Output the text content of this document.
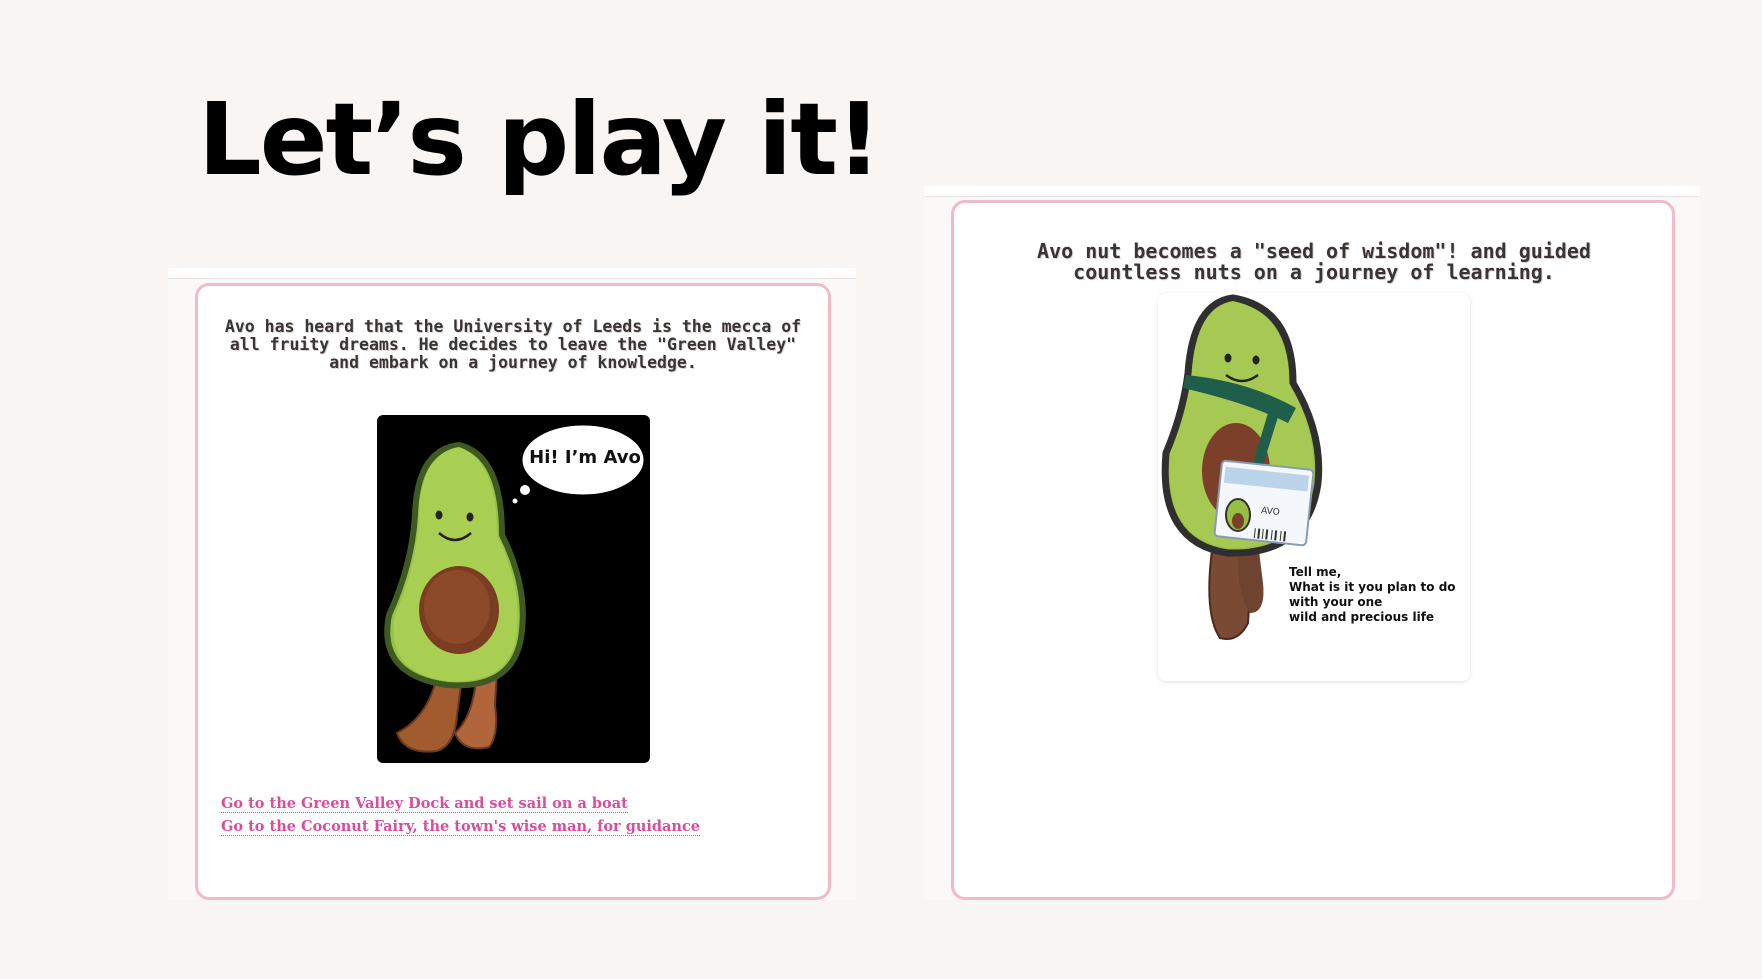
Let’s play it!

Avo has heard that the University of Leeds is the mecca of all fruity dreams. He decides to leave the "Green Valley" and embark on a journey of knowledge.

Hi! I’m Avo
Go to the Green Valley Dock and set sail on a boat
Go to the Coconut Fairy, the town's wise man, for guidance

Avo nut becomes a "seed of wisdom"! and guided countless nuts on a journey of learning.

AVO
Tell me,
What is it you plan to do
with your one
wild and precious life
